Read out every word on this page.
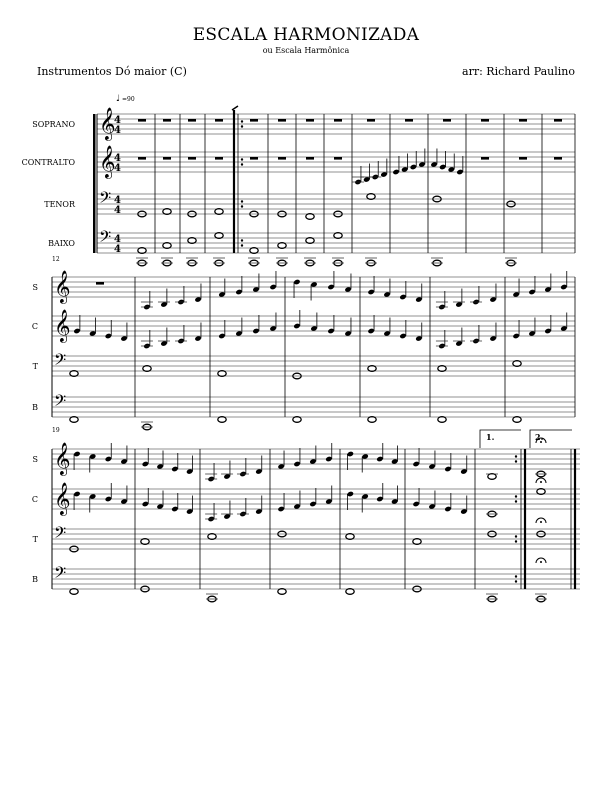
ESCALA HARMONIZADA
ou Escala Harmônica
Instrumentos Dó maior (C)	arr: Richard Paulino
SOPRANO 𝄞
4
4
CONTRALTO 𝄞
4
4
TENOR 𝄢 4
4
BAIXO 𝄢 4
4
♩ =90
12
S 𝄞
C 𝄞
T 𝄢
B 𝄢
19
S 𝄞
C 𝄞
T 𝄢
B 𝄢
1.	2.
